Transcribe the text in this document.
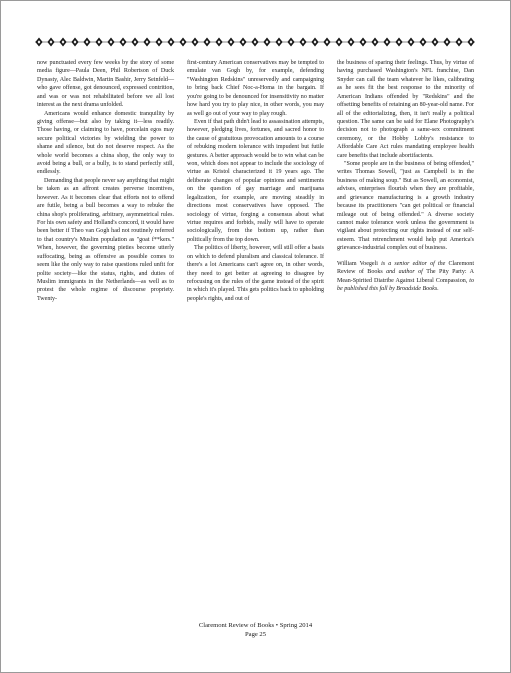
now punctuated every few weeks by the story of some media figure—Paula Deen, Phil Robertson of Duck Dynasty, Alec Baldwin, Martin Bashir, Jerry Seinfeld—who gave offense, got denounced, expressed contrition, and was or was not rehabilitated before we all lost interest as the next drama unfolded.

Americans would enhance domestic tranquility by giving offense—but also by taking it—less readily. Those having, or claiming to have, porcelain egos may secure political victories by wielding the power to shame and silence, but do not deserve respect. As the whole world becomes a china shop, the only way to avoid being a bull, or a bully, is to stand perfectly still, endlessly.

Demanding that people never say anything that might be taken as an affront creates perverse incentives, however. As it becomes clear that efforts not to offend are futile, being a bull becomes a way to rebuke the china shop's proliferating, arbitrary, asymmetrical rules. For his own safety and Holland's concord, it would have been better if Theo van Gogh had not routinely referred to that country's Muslim population as "goat f**kers." When, however, the governing pieties become utterly suffocating, being as offensive as possible comes to seem like the only way to raise questions ruled unfit for polite society—like the status, rights, and duties of Muslim immigrants in the Netherlands—as well as to protest the whole regime of discourse propriety. Twenty-

first-century American conservatives may be tempted to emulate van Gogh by, for example, defending "Washington Redskins" unreservedly and campaigning to bring back Chief Noc-a-Homa in the bargain. If you're going to be denounced for insensitivity no matter how hard you try to play nice, in other words, you may as well go out of your way to play rough.

Even if that path didn't lead to assassination attempts, however, pledging lives, fortunes, and sacred honor to the cause of gratuitous provocation amounts to a course of rebuking modern tolerance with impudent but futile gestures. A better approach would be to win what can be won, which does not appear to include the sociology of virtue as Kristol characterized it 19 years ago. The deliberate changes of popular opinions and sentiments on the question of gay marriage and marijuana legalization, for example, are moving steadily in directions most conservatives have opposed. The sociology of virtue, forging a consensus about what virtue requires and forbids, really will have to operate sociologically, from the bottom up, rather than politically from the top down.

The politics of liberty, however, will still offer a basis on which to defend pluralism and classical tolerance. If there's a lot Americans can't agree on, in other words, they need to get better at agreeing to disagree by refocusing on the rules of the game instead of the spirit in which it's played. This gets politics back to upholding people's rights, and out of

the business of sparing their feelings. Thus, by virtue of having purchased Washington's NFL franchise, Dan Snyder can call the team whatever he likes, calibrating as he sees fit the best response to the minority of American Indians offended by "Redskins" and the offsetting benefits of retaining an 80-year-old name. For all of the editorializing, then, it isn't really a political question. The same can be said for Elane Photography's decision not to photograph a same-sex commitment ceremony, or the Hobby Lobby's resistance to Affordable Care Act rules mandating employee health care benefits that include abortifacients.

"Some people are in the business of being offended," writes Thomas Sowell, "just as Campbell is in the business of making soup." But as Sowell, an economist, advises, enterprises flourish when they are profitable, and grievance manufacturing is a growth industry because its practitioners "can get political or financial mileage out of being offended." A diverse society cannot make tolerance work unless the government is vigilant about protecting our rights instead of our self-esteem. That retrenchment would help put America's grievance-industrial complex out of business.

William Voegeli is a senior editor of the Claremont Review of Books and author of The Pity Party: A Mean-Spirited Diatribe Against Liberal Compassion, to be published this fall by Broadside Books.

Claremont Review of Books • Spring 2014
Page 25
